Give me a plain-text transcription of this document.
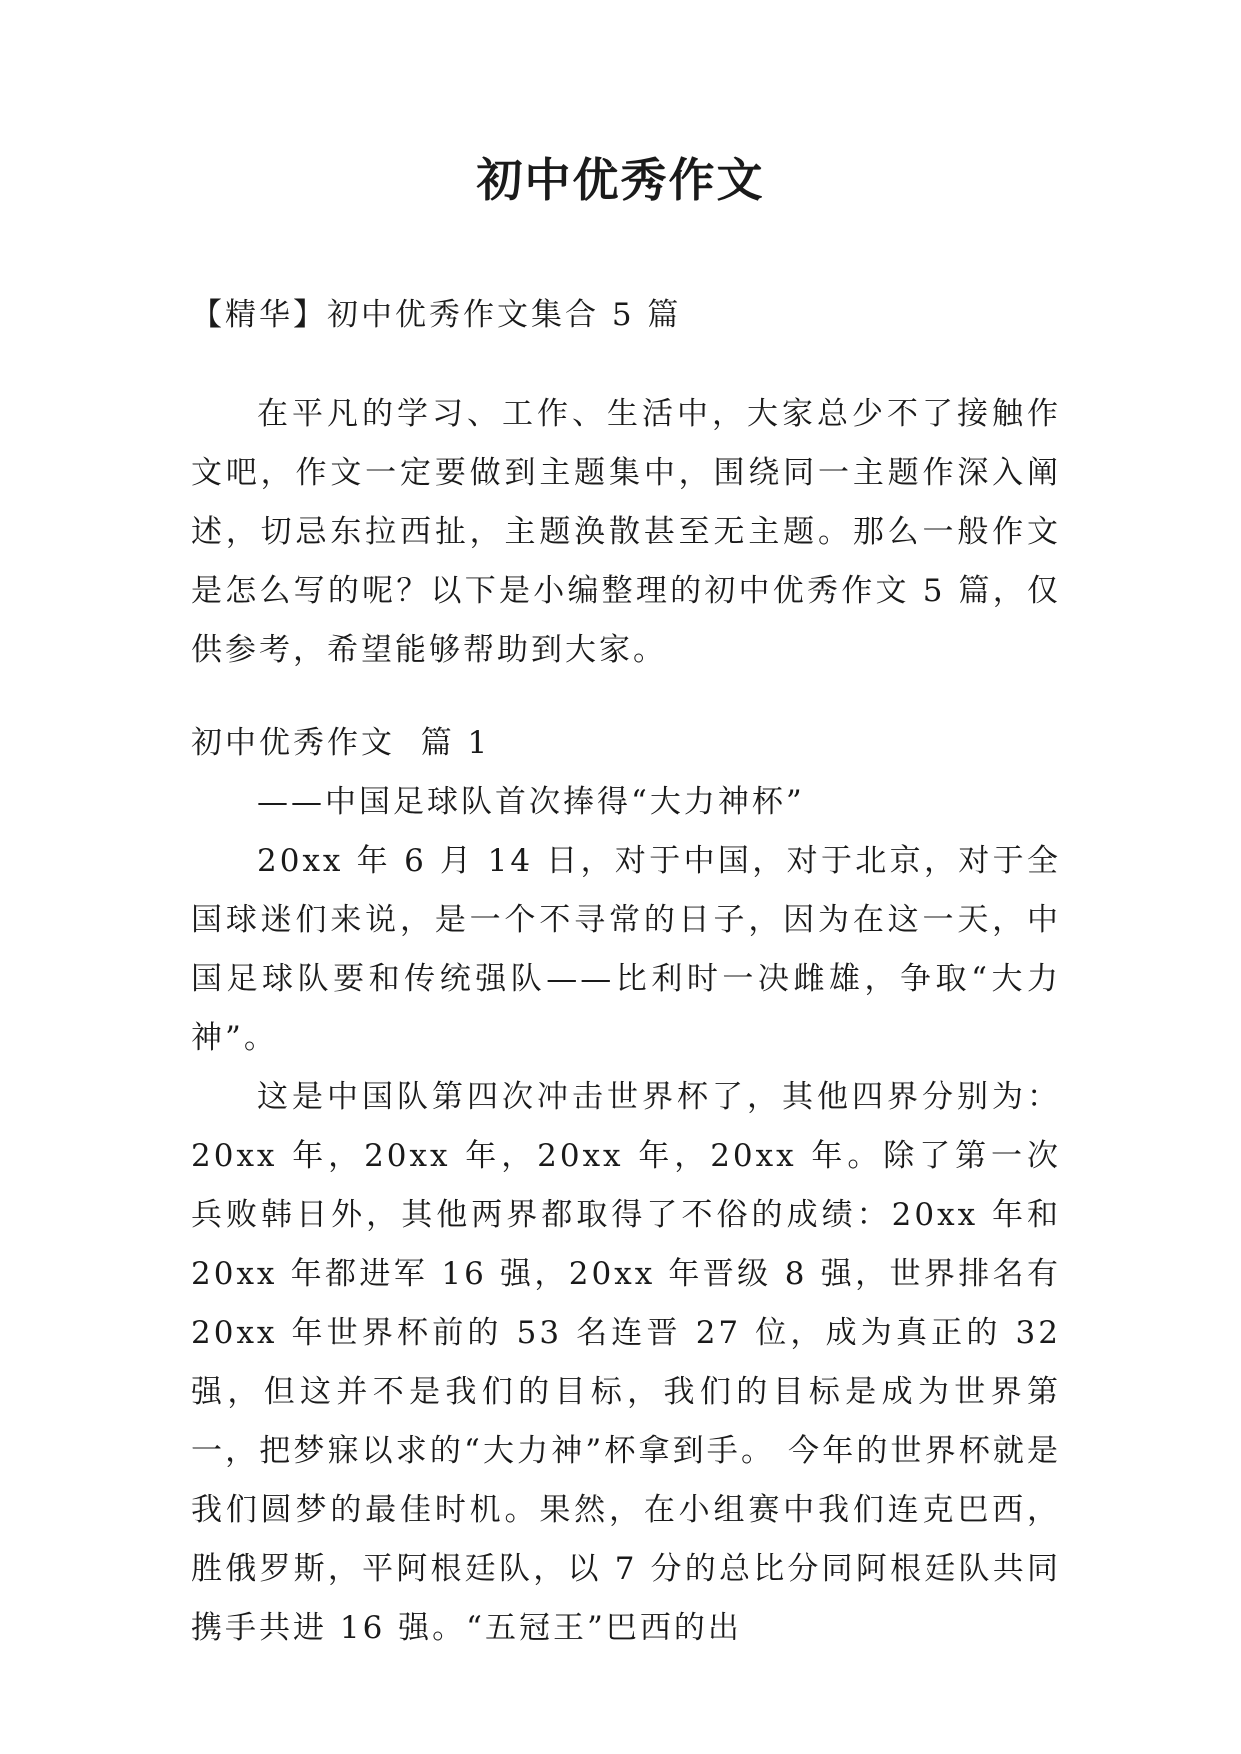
初中优秀作文

【精华】初中优秀作文集合 5 篇

在平凡的学习、工作、生活中，大家总少不了接触作文吧，作文一定要做到主题集中，围绕同一主题作深入阐述，切忌东拉西扯，主题涣散甚至无主题。那么一般作文是怎么写的呢？以下是小编整理的初中优秀作文 5 篇，仅供参考，希望能够帮助到大家。

初中优秀作文  篇 1

——中国足球队首次捧得“大力神杯”

20xx 年 6 月 14 日，对于中国，对于北京，对于全国球迷们来说，是一个不寻常的日子，因为在这一天，中国足球队要和传统强队——比利时一决雌雄，争取“大力神”。

这是中国队第四次冲击世界杯了，其他四界分别为：20xx 年，20xx 年，20xx 年，20xx 年。除了第一次兵败韩日外，其他两界都取得了不俗的成绩：20xx 年和 20xx 年都进军 16 强，20xx 年晋级 8 强，世界排名有 20xx 年世界杯前的 53 名连晋 27 位，成为真正的 32 强，但这并不是我们的目标，我们的目标是成为世界第一，把梦寐以求的“大力神”杯拿到手。 今年的世界杯就是我们圆梦的最佳时机。果然，在小组赛中我们连克巴西，胜俄罗斯，平阿根廷队，以 7 分的总比分同阿根廷队共同携手共进 16 强。“五冠王”巴西的出
